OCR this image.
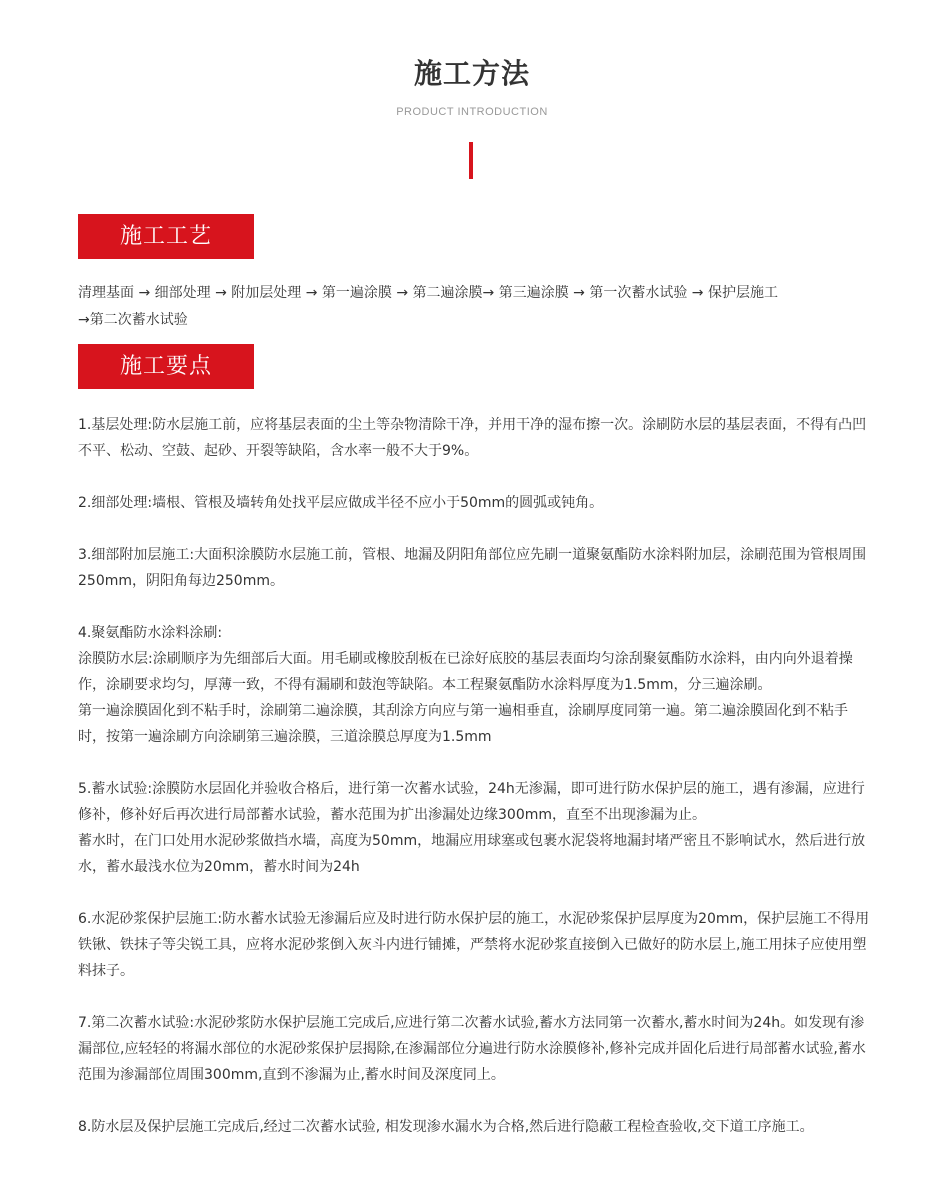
施工方法
PRODUCT INTRODUCTION
施工工艺
清理基面 → 细部处理 → 附加层处理 → 第一遍涂膜 → 第二遍涂膜→ 第三遍涂膜 → 第一次蓄水试验 → 保护层施工
→第二次蓄水试验
施工要点

1.基层处理:防水层施工前，应将基层表面的尘土等杂物清除干净，并用干净的湿布擦一次。涂刷防水层的基层表面，不得有凸凹不平、松动、空鼓、起砂、开裂等缺陷，含水率一般不大于9%。

2.细部处理:墙根、管根及墙转角处找平层应做成半径不应小于50mm的圆弧或钝角。

3.细部附加层施工:大面积涂膜防水层施工前，管根、地漏及阴阳角部位应先刷一道聚氨酯防水涂料附加层，涂刷范围为管根周围250mm，阴阳角每边250mm。

4.聚氨酯防水涂料涂刷:

涂膜防水层:涂刷顺序为先细部后大面。用毛刷或橡胶刮板在已涂好底胶的基层表面均匀涂刮聚氨酯防水涂料，由内向外退着操作，涂刷要求均匀，厚薄一致，不得有漏刷和鼓泡等缺陷。本工程聚氨酯防水涂料厚度为1.5mm，分三遍涂刷。

第一遍涂膜固化到不粘手时，涂刷第二遍涂膜，其刮涂方向应与第一遍相垂直，涂刷厚度同第一遍。第二遍涂膜固化到不粘手时，按第一遍涂刷方向涂刷第三遍涂膜，三道涂膜总厚度为1.5mm

5.蓄水试验:涂膜防水层固化并验收合格后，进行第一次蓄水试验，24h无渗漏，即可进行防水保护层的施工，遇有渗漏，应进行修补，修补好后再次进行局部蓄水试验，蓄水范围为扩出渗漏处边缘300mm，直至不出现渗漏为止。

蓄水时，在门口处用水泥砂浆做挡水墙，高度为50mm，地漏应用球塞或包裹水泥袋将地漏封堵严密且不影响试水，然后进行放水，蓄水最浅水位为20mm，蓄水时间为24h

6.水泥砂浆保护层施工:防水蓄水试验无渗漏后应及时进行防水保护层的施工，水泥砂浆保护层厚度为20mm，保护层施工不得用铁锹、铁抹子等尖锐工具，应将水泥砂浆倒入灰斗内进行铺摊，严禁将水泥砂浆直接倒入已做好的防水层上,施工用抹子应使用塑料抹子。

7.第二次蓄水试验:水泥砂浆防水保护层施工完成后,应进行第二次蓄水试验,蓄水方法同第一次蓄水,蓄水时间为24h。如发现有渗漏部位,应轻轻的将漏水部位的水泥砂浆保护层揭除,在渗漏部位分遍进行防水涂膜修补,修补完成并固化后进行局部蓄水试验,蓄水范围为渗漏部位周围300mm,直到不渗漏为止,蓄水时间及深度同上。

8.防水层及保护层施工完成后,经过二次蓄水试验, 相发现渗水漏水为合格,然后进行隐蔽工程检查验收,交下道工序施工。
